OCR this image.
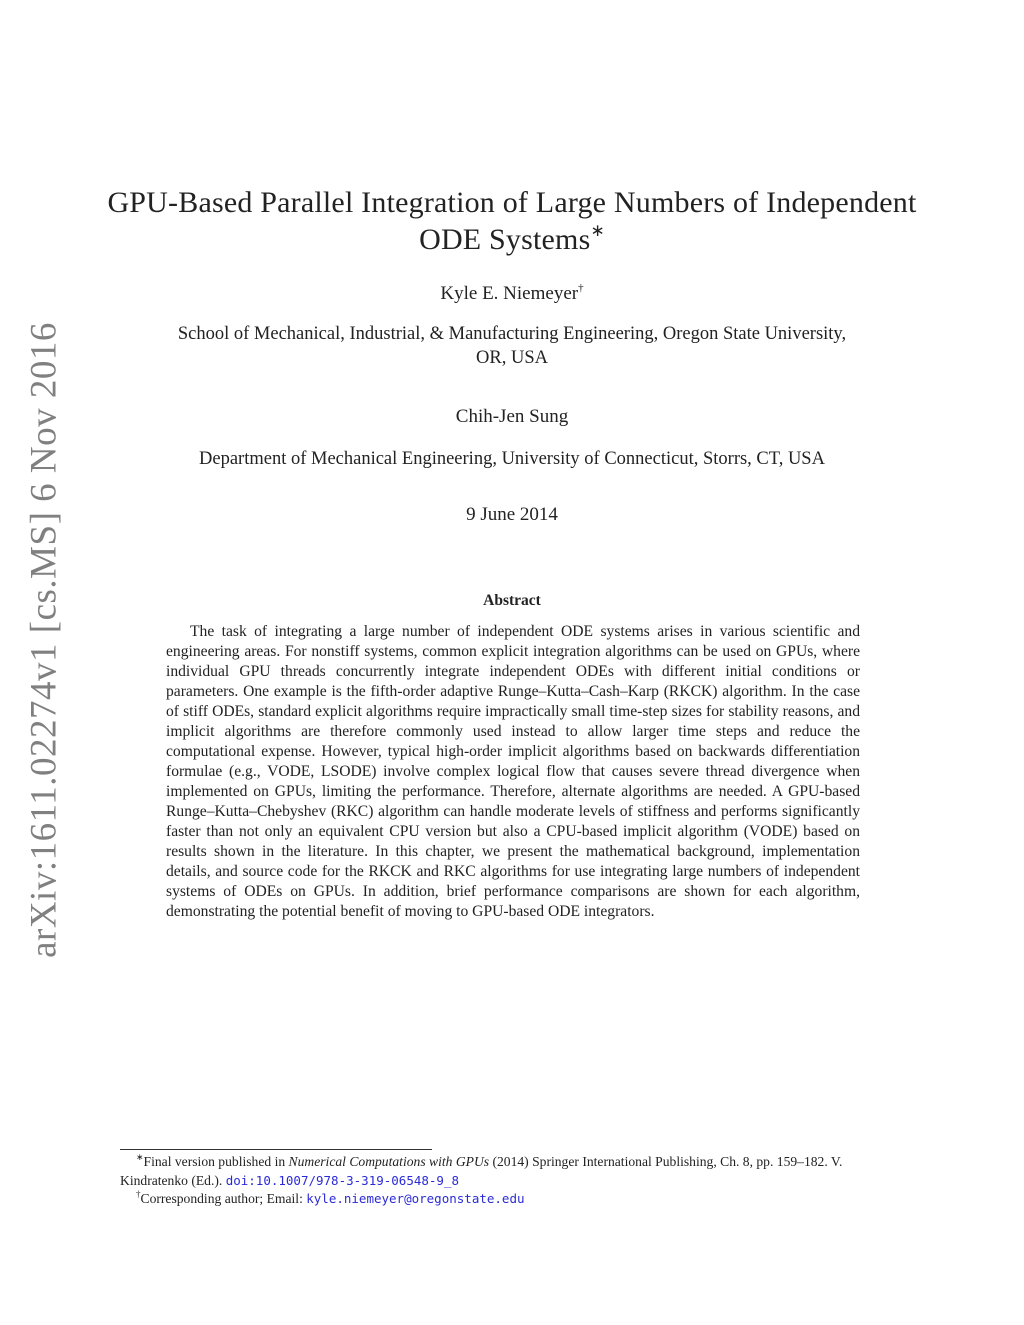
arXiv:1611.02274v1 [cs.MS] 6 Nov 2016
GPU-Based Parallel Integration of Large Numbers of Independent
ODE Systems∗
Kyle E. Niemeyer†
School of Mechanical, Industrial, & Manufacturing Engineering, Oregon State University,
OR, USA
Chih-Jen Sung
Department of Mechanical Engineering, University of Connecticut, Storrs, CT, USA
9 June 2014
Abstract
The task of integrating a large number of independent ODE systems arises in various scientific and engineering areas. For nonstiff systems, common explicit integration algorithms can be used on GPUs, where individual GPU threads concurrently integrate independent ODEs with different initial conditions or parameters. One example is the fifth-order adaptive Runge–Kutta–Cash–Karp (RKCK) algorithm. In the case of stiff ODEs, standard explicit algorithms require impractically small time-step sizes for stability reasons, and implicit algorithms are therefore commonly used instead to allow larger time steps and reduce the computational expense. However, typical high-order implicit algorithms based on backwards differentiation formulae (e.g., VODE, LSODE) involve complex logical flow that causes severe thread divergence when implemented on GPUs, limiting the performance. Therefore, alternate algorithms are needed. A GPU-based Runge–Kutta–Chebyshev (RKC) algorithm can handle moderate levels of stiffness and performs significantly faster than not only an equivalent CPU version but also a CPU-based implicit algorithm (VODE) based on results shown in the literature. In this chapter, we present the mathematical background, implementation details, and source code for the RKCK and RKC algorithms for use integrating large numbers of independent systems of ODEs on GPUs. In addition, brief performance comparisons are shown for each algorithm, demonstrating the potential benefit of moving to GPU-based ODE integrators.

∗Final version published in Numerical Computations with GPUs (2014) Springer International Publishing, Ch. 8, pp. 159–182. V. Kindratenko (Ed.). doi:10.1007/978-3-319-06548-9_8

†Corresponding author; Email: kyle.niemeyer@oregonstate.edu
